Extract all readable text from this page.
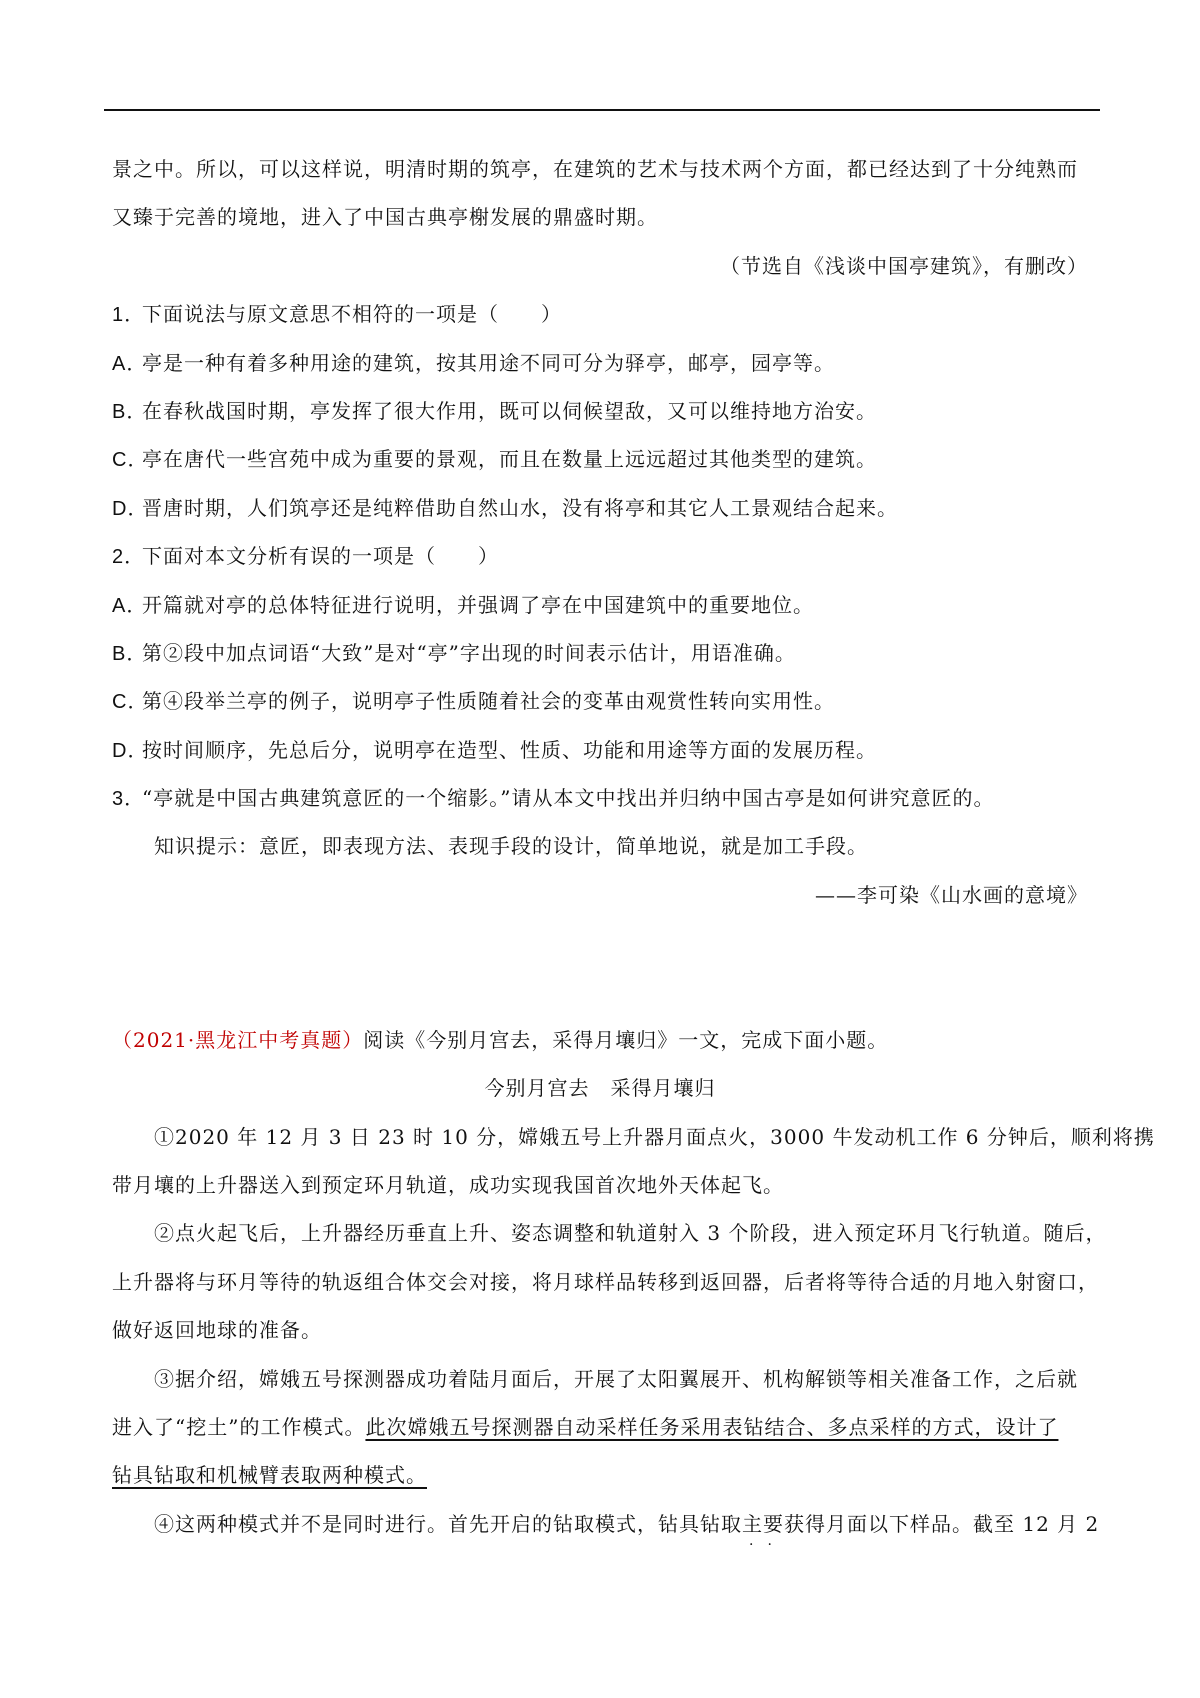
景之中。所以，可以这样说，明清时期的筑亭，在建筑的艺术与技术两个方面，都已经达到了十分纯熟而
又臻于完善的境地，进入了中国古典亭榭发展的鼎盛时期。
（节选自《浅谈中国亭建筑》，有删改）
1．下面说法与原文意思不相符的一项是（　　）
A．亭是一种有着多种用途的建筑，按其用途不同可分为驿亭，邮亭，园亭等。
B．在春秋战国时期，亭发挥了很大作用，既可以伺候望敌，又可以维持地方治安。
C．亭在唐代一些宫苑中成为重要的景观，而且在数量上远远超过其他类型的建筑。
D．晋唐时期，人们筑亭还是纯粹借助自然山水，没有将亭和其它人工景观结合起来。
2．下面对本文分析有误的一项是（　　）
A．开篇就对亭的总体特征进行说明，并强调了亭在中国建筑中的重要地位。
B．第②段中加点词语“大致”是对“亭”字出现的时间表示估计，用语准确。
C．第④段举兰亭的例子，说明亭子性质随着社会的变革由观赏性转向实用性。
D．按时间顺序，先总后分，说明亭在造型、性质、功能和用途等方面的发展历程。
3．“亭就是中国古典建筑意匠的一个缩影。”请从本文中找出并归纳中国古亭是如何讲究意匠的。
知识提示：意匠，即表现方法、表现手段的设计，简单地说，就是加工手段。
——李可染《山水画的意境》
（2021·黑龙江中考真题）阅读《今别月宫去，采得月壤归》一文，完成下面小题。
今别月宫去　采得月壤归
①2020 年 12 月 3 日 23 时 10 分，嫦娥五号上升器月面点火，3000 牛发动机工作 6 分钟后，顺利将携
带月壤的上升器送入到预定环月轨道，成功实现我国首次地外天体起飞。
②点火起飞后，上升器经历垂直上升、姿态调整和轨道射入 3 个阶段，进入预定环月飞行轨道。随后，
上升器将与环月等待的轨返组合体交会对接，将月球样品转移到返回器，后者将等待合适的月地入射窗口，
做好返回地球的准备。
③据介绍，嫦娥五号探测器成功着陆月面后，开展了太阳翼展开、机构解锁等相关准备工作，之后就
进入了“挖土”的工作模式。此次嫦娥五号探测器自动采样任务采用表钻结合、多点采样的方式，设计了
钻具钻取和机械臂表取两种模式。
④这两种模式并不是同时进行。首先开启的钻取模式，钻具钻取主要获得月面以下样品。截至 12 月 2
··
